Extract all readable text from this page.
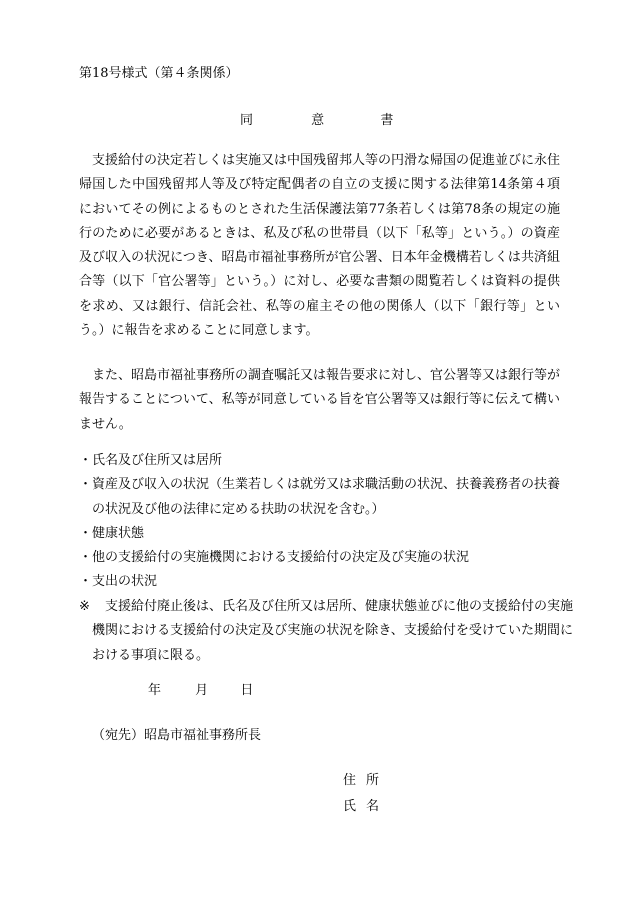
第18号様式（第４条関係）
同	意	書

支援給付の決定若しくは実施又は中国残留邦人等の円滑な帰国の促進並びに永住帰国した中国残留邦人等及び特定配偶者の自立の支援に関する法律第14条第４項においてその例によるものとされた生活保護法第77条若しくは第78条の規定の施行のために必要があるときは、私及び私の世帯員（以下「私等」という。）の資産及び収入の状況につき、昭島市福祉事務所が官公署、日本年金機構若しくは共済組合等（以下「官公署等」という。）に対し、必要な書類の閲覧若しくは資料の提供を求め、又は銀行、信託会社、私等の雇主その他の関係人（以下「銀行等」という。）に報告を求めることに同意します。

また、昭島市福祉事務所の調査嘱託又は報告要求に対し、官公署等又は銀行等が報告することについて、私等が同意している旨を官公署等又は銀行等に伝えて構いません。

・氏名及び住所又は居所
・資産及び収入の状況（生業若しくは就労又は求職活動の状況、扶養義務者の扶養の状況及び他の法律に定める扶助の状況を含む。）
・健康状態
・他の支援給付の実施機関における支援給付の決定及び実施の状況
・支出の状況

※ 支援給付廃止後は、氏名及び住所又は居所、健康状態並びに他の支援給付の実施機関における支援給付の決定及び実施の状況を除き、支援給付を受けていた期間における事項に限る。

年	月 日
（宛先）昭島市福祉事務所長
住所
氏名
